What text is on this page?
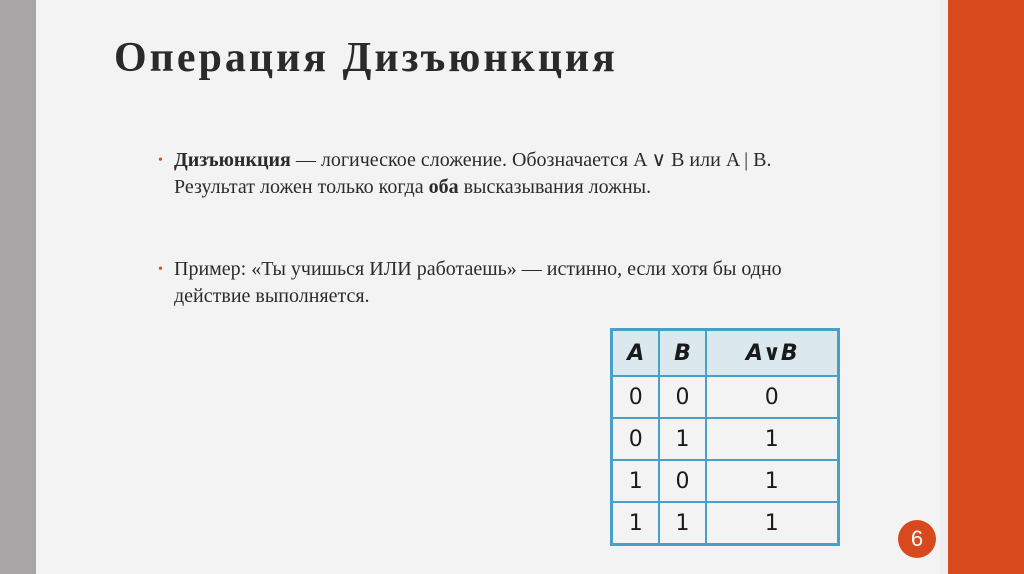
Операция Дизъюнкция
• Дизъюнкция — логическое сложение. Обозначается A ∨ B или A | B. Результат ложен только когда оба высказывания ложны.
• Пример: «Ты учишься ИЛИ работаешь» — истинно, если хотя бы одно действие выполняется.
A	B	A∨B
0	0	0
0	1	1
1	0	1
1	1	1
6
